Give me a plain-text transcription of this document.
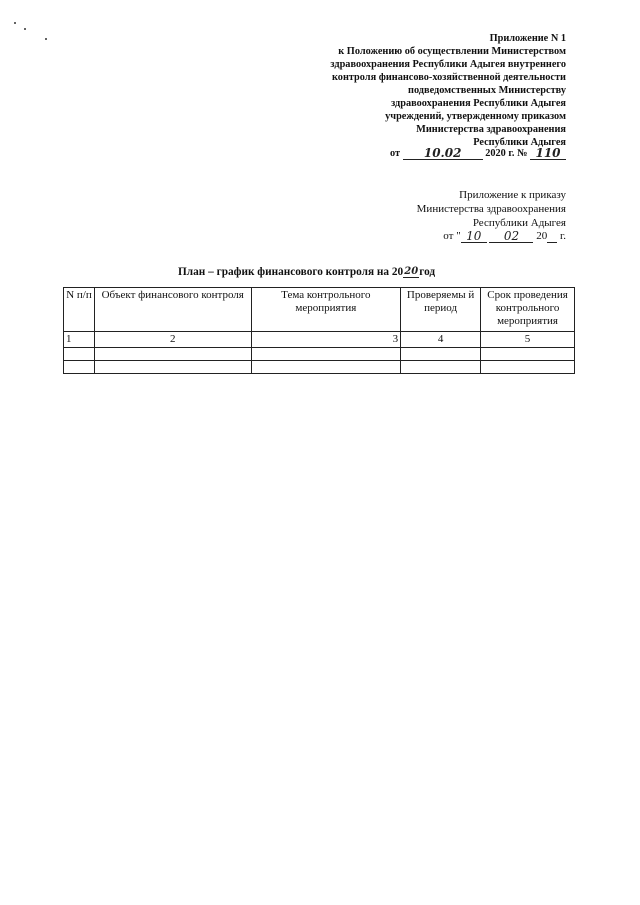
Приложение N 1
к Положению об осуществлении Министерством
здравоохранения Республики Адыгея внутреннего
контроля финансово-хозяйственной деятельности
подведомственных Министерству
здравоохранения Республики Адыгея
учреждений, утвержденному приказом
Министерства здравоохранения
Республики Адыгея
от 10.02 2020 г. № 110
Приложение к приказу
Министерства здравоохранения
Республики Адыгея
от " 10 02 20 г.
План – график финансового контроля на 2020год
N п/п	Объект финансового контроля	Тема контрольного мероприятия	Проверяемы й период	Срок проведения контрольного мероприятия
1	2	3	4	5
